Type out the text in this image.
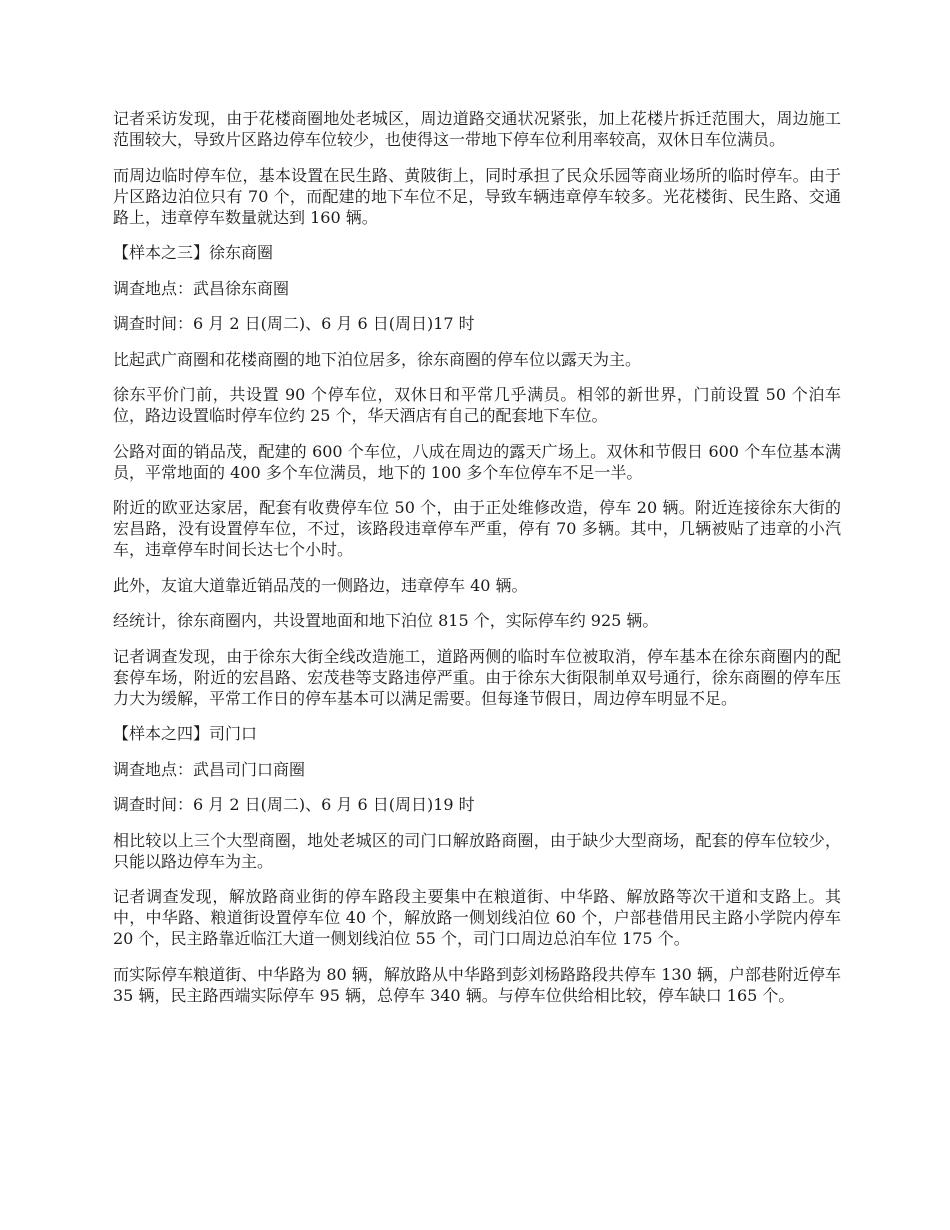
记者采访发现，由于花楼商圈地处老城区，周边道路交通状况紧张，加上花楼片拆迁范围大，周边施工范围较大，导致片区路边停车位较少，也使得这一带地下停车位利用率较高，双休日车位满员。

而周边临时停车位，基本设置在民生路、黄陂街上，同时承担了民众乐园等商业场所的临时停车。由于片区路边泊位只有 70 个，而配建的地下车位不足，导致车辆违章停车较多。光花楼街、民生路、交通路上，违章停车数量就达到 160 辆。

【样本之三】徐东商圈

调查地点：武昌徐东商圈

调查时间：6 月 2 日(周二)、6 月 6 日(周日)17 时

比起武广商圈和花楼商圈的地下泊位居多，徐东商圈的停车位以露天为主。

徐东平价门前，共设置 90 个停车位，双休日和平常几乎满员。相邻的新世界，门前设置 50 个泊车位，路边设置临时停车位约 25 个，华天酒店有自己的配套地下车位。

公路对面的销品茂，配建的 600 个车位，八成在周边的露天广场上。双休和节假日 600 个车位基本满员，平常地面的 400 多个车位满员，地下的 100 多个车位停车不足一半。

附近的欧亚达家居，配套有收费停车位 50 个，由于正处维修改造，停车 20 辆。附近连接徐东大街的宏昌路，没有设置停车位，不过，该路段违章停车严重，停有 70 多辆。其中，几辆被贴了违章的小汽车，违章停车时间长达七个小时。

此外，友谊大道靠近销品茂的一侧路边，违章停车 40 辆。

经统计，徐东商圈内，共设置地面和地下泊位 815 个，实际停车约 925 辆。

记者调查发现，由于徐东大街全线改造施工，道路两侧的临时车位被取消，停车基本在徐东商圈内的配套停车场，附近的宏昌路、宏茂巷等支路违停严重。由于徐东大街限制单双号通行，徐东商圈的停车压力大为缓解，平常工作日的停车基本可以满足需要。但每逢节假日，周边停车明显不足。

【样本之四】司门口

调查地点：武昌司门口商圈

调查时间：6 月 2 日(周二)、6 月 6 日(周日)19 时

相比较以上三个大型商圈，地处老城区的司门口解放路商圈，由于缺少大型商场，配套的停车位较少，只能以路边停车为主。

记者调查发现，解放路商业街的停车路段主要集中在粮道街、中华路、解放路等次干道和支路上。其中，中华路、粮道街设置停车位 40 个，解放路一侧划线泊位 60 个，户部巷借用民主路小学院内停车 20 个，民主路靠近临江大道一侧划线泊位 55 个，司门口周边总泊车位 175 个。

而实际停车粮道街、中华路为 80 辆，解放路从中华路到彭刘杨路路段共停车 130 辆，户部巷附近停车 35 辆，民主路西端实际停车 95 辆，总停车 340 辆。与停车位供给相比较，停车缺口 165 个。
